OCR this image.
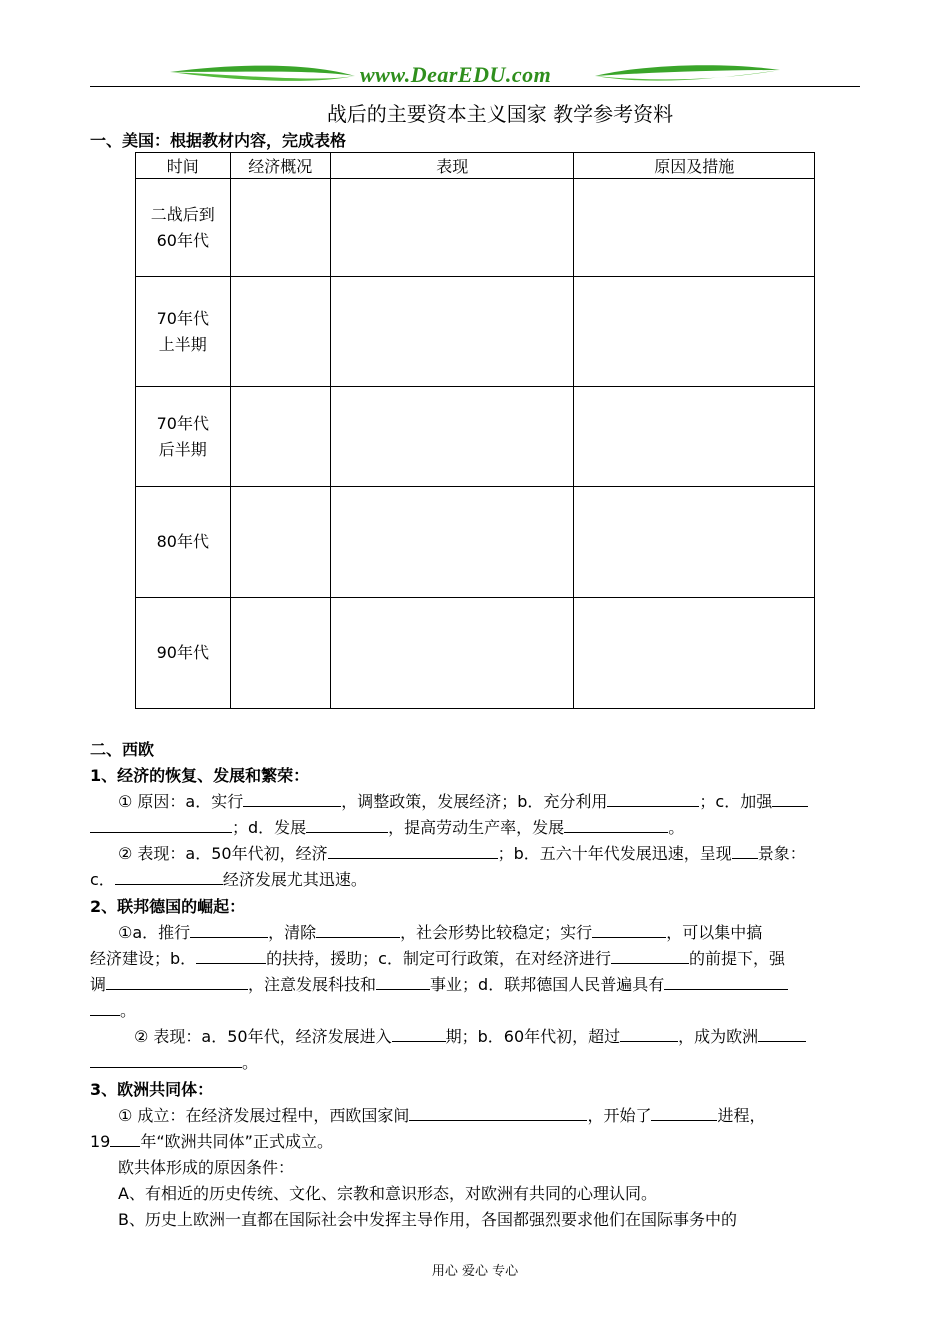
www.DearEDU.com
战后的主要资本主义国家 教学参考资料
一、美国：根据教材内容，完成表格
时间	经济概况	表现	原因及措施

二战后到
60年代			

70年代
上半期			

70年代
后半期			

80年代			

90年代			

二、西欧
1、经济的恢复、发展和繁荣：
① 原因：a．实行	，调整政策，发展经济；b．充分利用	；c．加强
；d．发展	，提高劳动生产率，发展	。
② 表现：a．50年代初，经济	；b．五六十年代发展迅速，呈现 景象：
c．	经济发展尤其迅速。
2、联邦德国的崛起：
①a．推行	，清除	，社会形势比较稳定；实行	，可以集中搞
经济建设；b．	的扶持，援助；c．制定可行政策，在对经济进行	的前提下，强
调	，注意发展科技和	事业；d．联邦德国人民普遍具有
。
② 表现：a．50年代，经济发展进入	期；b．60年代初，超过	，成为欧洲
。
3、欧洲共同体：
① 成立：在经济发展过程中，西欧国家间	，开始了	进程，
19 年“欧洲共同体”正式成立。
欧共体形成的原因条件：
A、有相近的历史传统、文化、宗教和意识形态，对欧洲有共同的心理认同。
B、历史上欧洲一直都在国际社会中发挥主导作用，各国都强烈要求他们在国际事务中的
用心 爱心 专心
